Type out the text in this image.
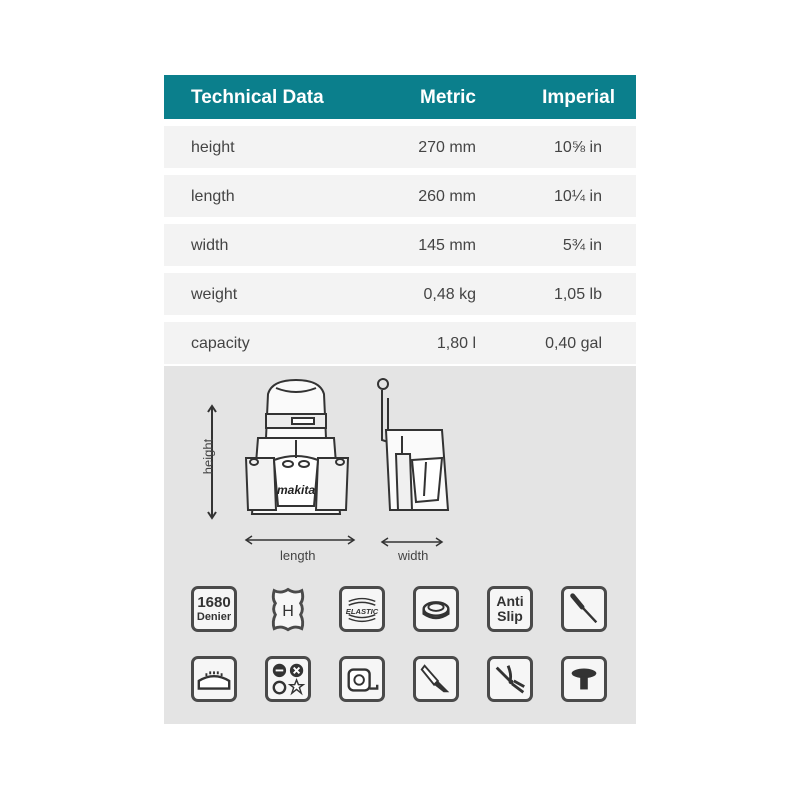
Technical Data	Metric	Imperial
height	270 mm	10⅝ in
length	260 mm	10¼ in
width	145 mm	5¾ in
weight	0,48 kg	1,05 lb
capacity	1,80 l	0,40 gal
makita
height
length	width
1680
Denier	H	ELASTIC
Anti
Slip
